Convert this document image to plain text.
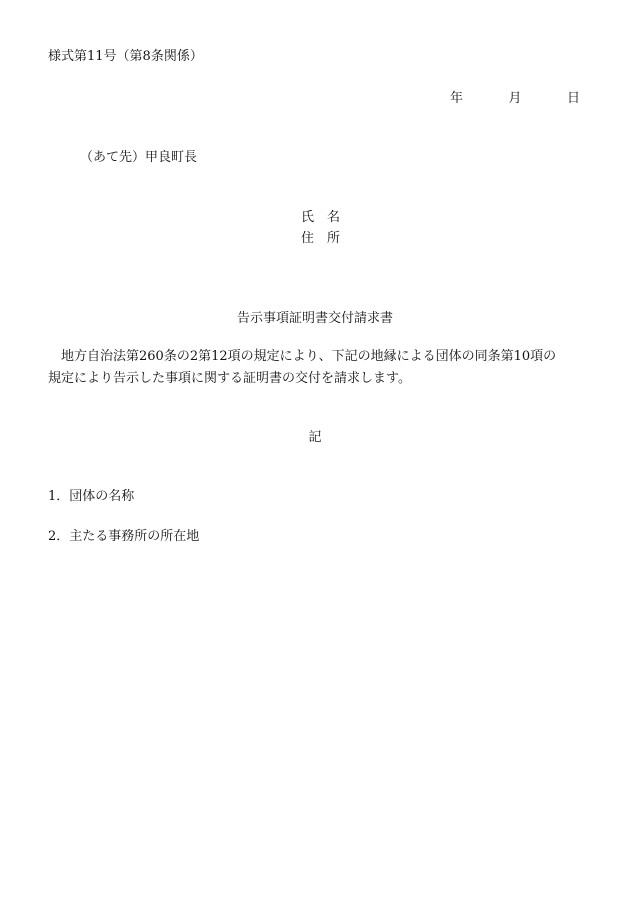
様式第11号（第8条関係）
年	月	日
（あて先）甲良町長
氏 名
住 所
告示事項証明書交付請求書
地方自治法第260条の2第12項の規定により、下記の地縁による団体の同条第10項の
規定により告示した事項に関する証明書の交付を請求します。
記
1．団体の名称
2．主たる事務所の所在地
